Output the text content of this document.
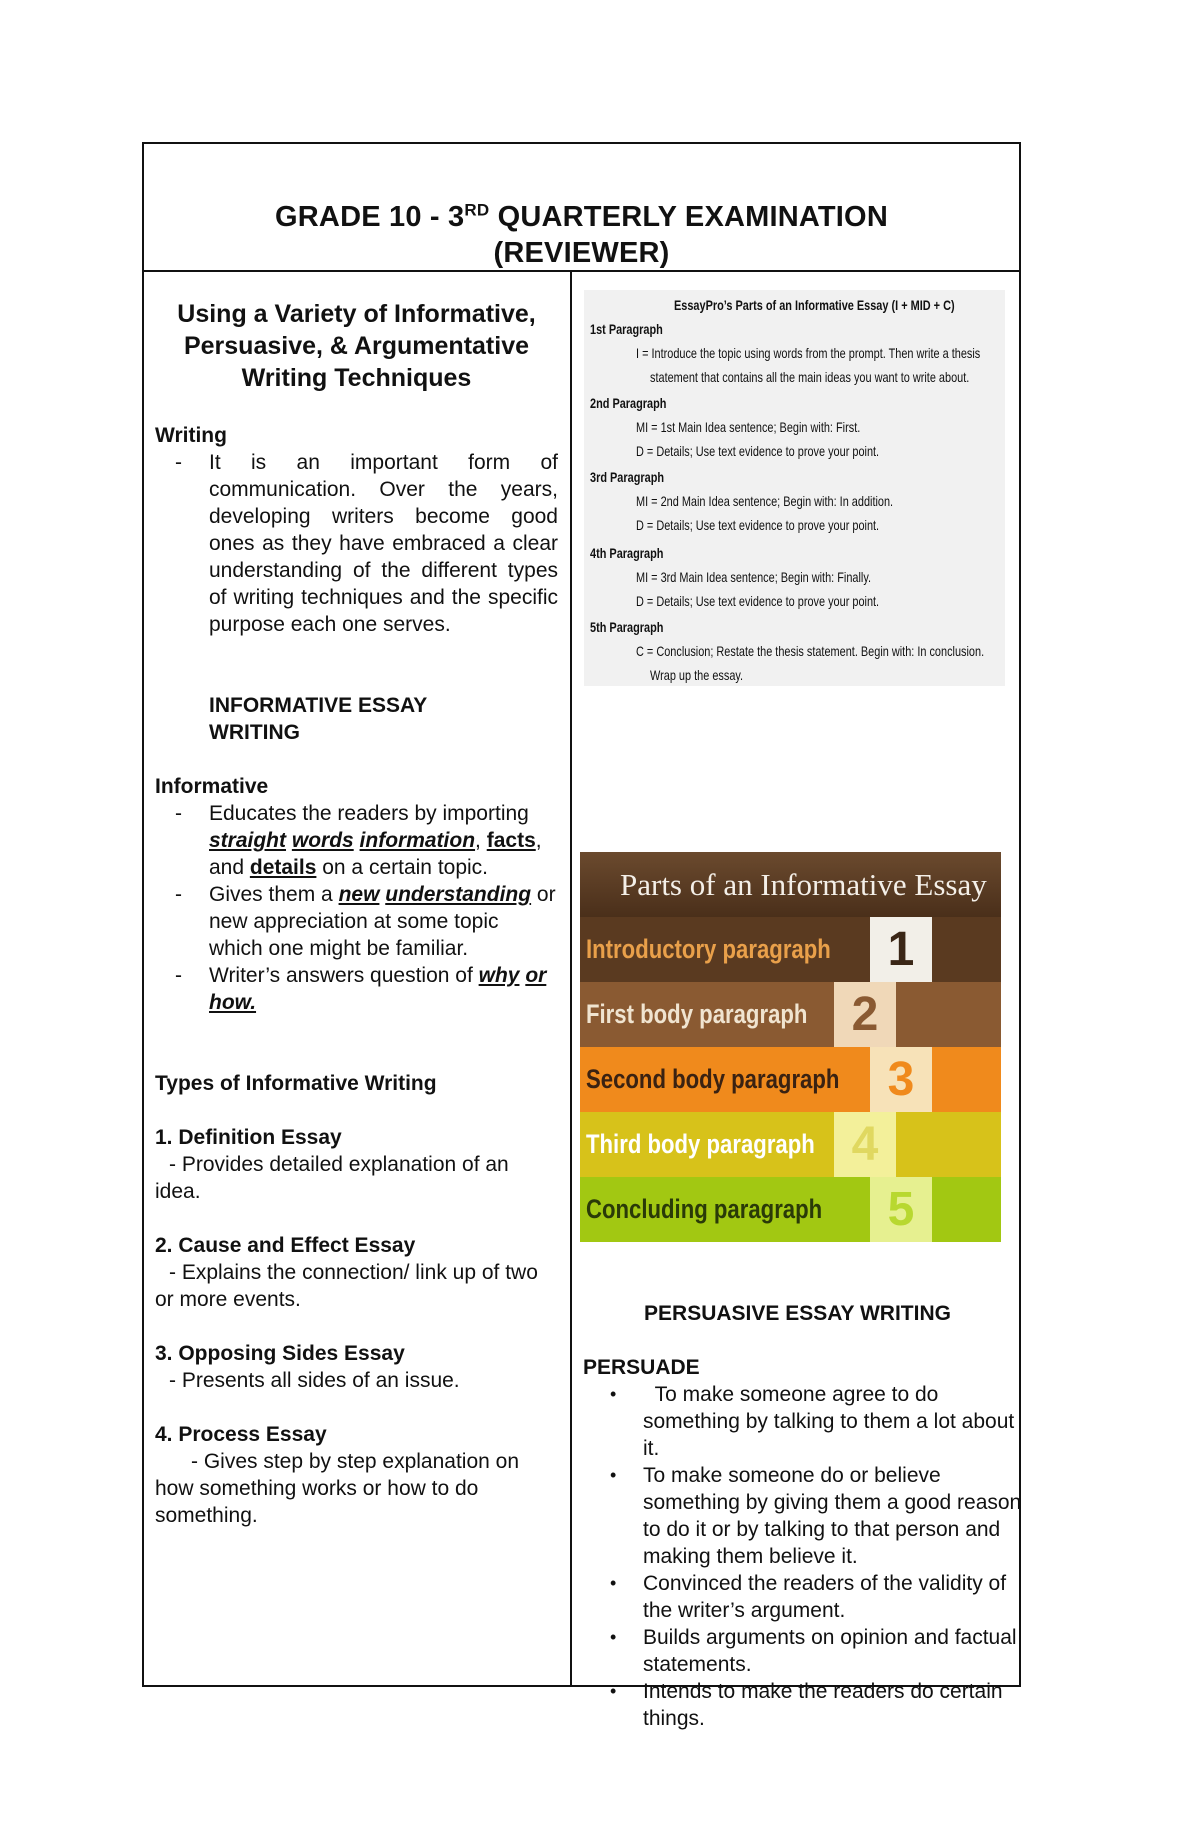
GRADE 10 - 3RD QUARTERLY EXAMINATION
(REVIEWER)
Using a Variety of Informative,
Persuasive, & Argumentative
Writing Techniques
Writing
- It is an important form of communication. Over the years, developing writers become good ones as they have embraced a clear understanding of the different types of writing techniques and the specific purpose each one serves.
INFORMATIVE ESSAY
WRITING
Informative
- Educates the readers by importing straight words information, facts, and details on a certain topic.
- Gives them a new understanding or new appreciation at some topic which one might be familiar.
- Writer’s answers question of why or how.
Types of Informative Writing
1. Definition Essay
- Provides detailed explanation of an idea.
2. Cause and Effect Essay
- Explains the connection/ link up of two or more events.
3. Opposing Sides Essay
- Presents all sides of an issue.
4. Process Essay
- Gives step by step explanation on how something works or how to do something.
EssayPro’s Parts of an Informative Essay (I + MID + C)
1st Paragraph
I = Introduce the topic using words from the prompt. Then write a thesis
statement that contains all the main ideas you want to write about.
2nd Paragraph
MI = 1st Main Idea sentence; Begin with: First.
D = Details; Use text evidence to prove your point.
3rd Paragraph
MI = 2nd Main Idea sentence; Begin with: In addition.
D = Details; Use text evidence to prove your point.
4th Paragraph
MI = 3rd Main Idea sentence; Begin with: Finally.
D = Details; Use text evidence to prove your point.
5th Paragraph
C = Conclusion; Restate the thesis statement. Begin with: In conclusion.
Wrap up the essay.
Parts of an Informative Essay
Introductory paragraph	1
First body paragraph 2
Second body paragraph	3
Third body paragraph 4
Concluding paragraph	5
PERSUASIVE ESSAY WRITING
PERSUADE
•   To make someone agree to do something by talking to them a lot about it.
• To make someone do or believe something by giving them a good reason to do it or by talking to that person and making them believe it.
• Convinced the readers of the validity of the writer’s argument.
• Builds arguments on opinion and factual statements.
• Intends to make the readers do certain things.
